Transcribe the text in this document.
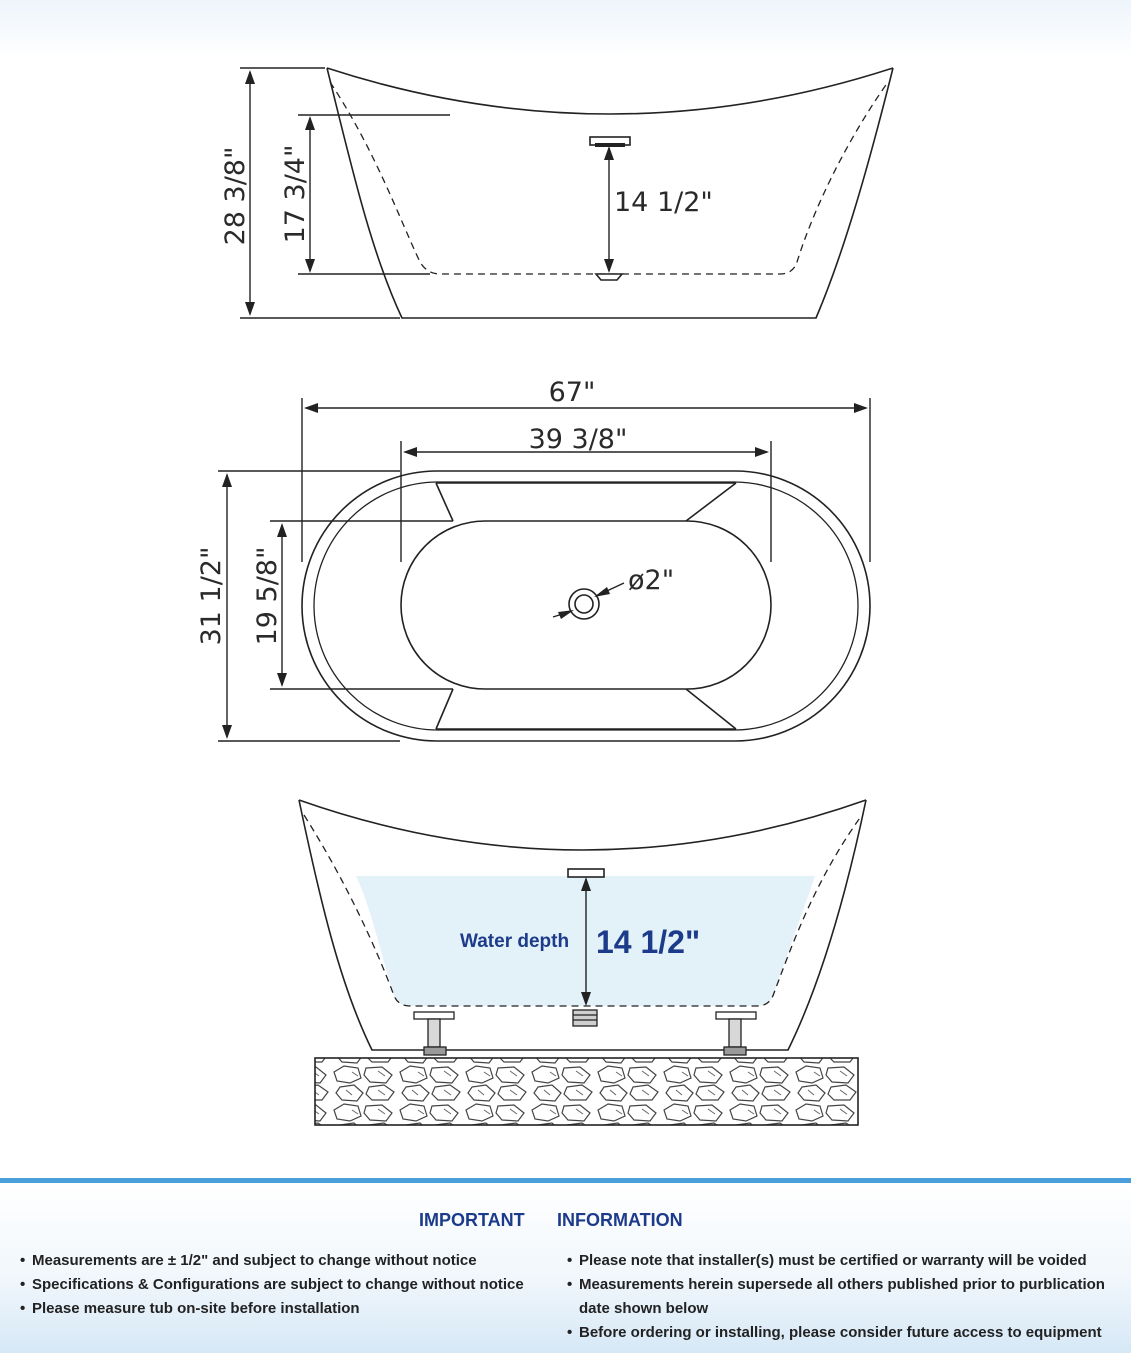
28 3/8" 17 3/4"	14 1/2"
67"
39 3/8"
31 1/2" 19 5/8"	ø2"
Water depth 14 1/2"
IMPORTANT INFORMATION
• Measurements are ± 1/2" and subject to change without notice
• Specifications & Configurations are subject to change without notice
• Please measure tub on-site before installation
• Please note that installer(s) must be certified or warranty will be voided
• Measurements herein supersede all others published prior to purblication date shown below
• Before ordering or installing, please consider future access to equipment
